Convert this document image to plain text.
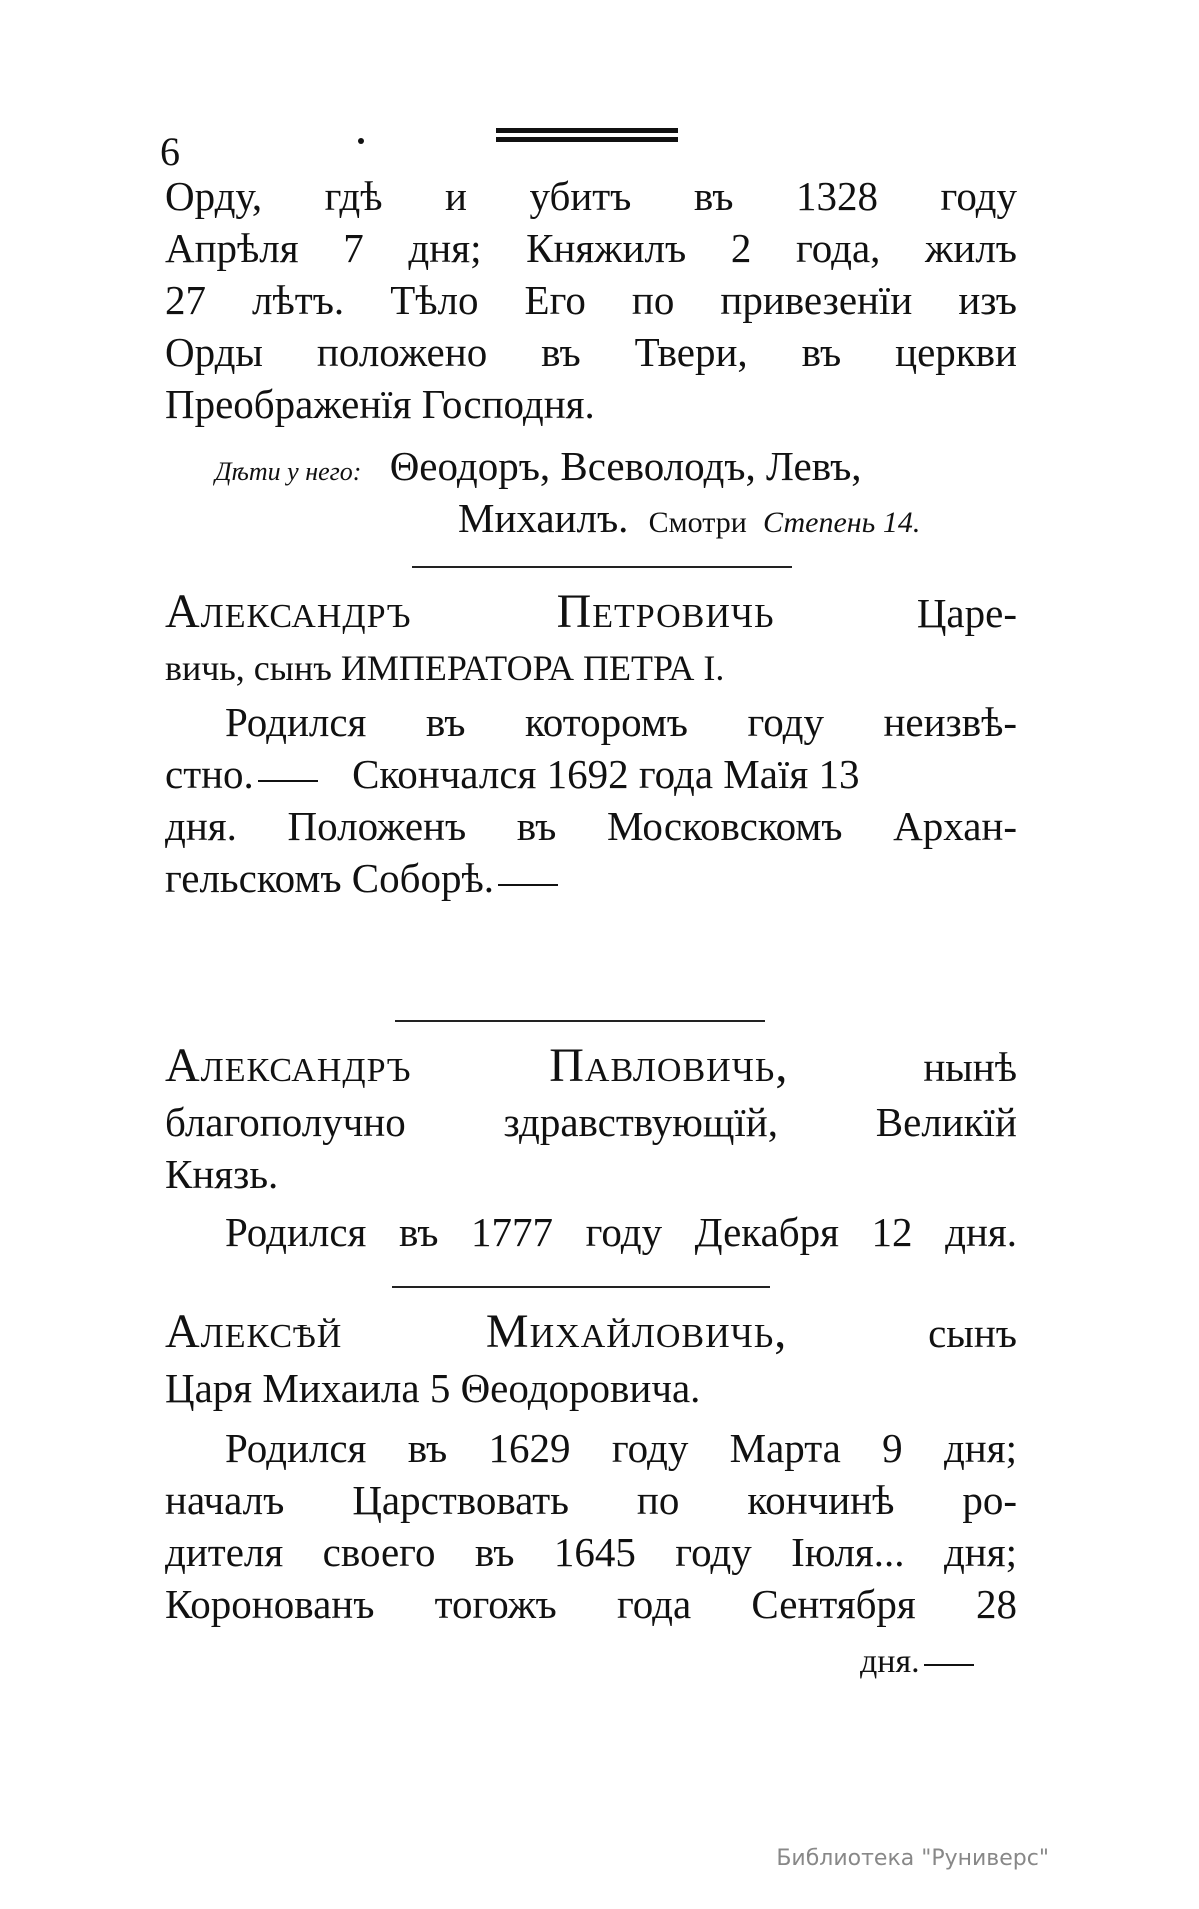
6
Орду, гдѣ и убитъ въ 1328 году
Апрѣля 7 дня; Княжилъ 2 года, жилъ
27 лѣтъ. Тѣло Его по привезенïи изъ
Орды положено въ Твери, въ церкви
Преображенïя Господня.
Дѣти у него: Θеодоръ, Всеволодъ, Левъ,
Михаилъ. Смотри Степень 14.
Александръ Петровичь	Царе-
вичь, сынъ ИМПЕРАТОРА ПЕТРА I.
Родился въ которомъ году неизвѣ-
стно. Скончался 1692 года Маïя 13
дня. Положенъ въ Московскомъ Архан-
гельскомъ Соборѣ.
Александръ Павловичь,	нынѣ
благополучно здравствующïй, Великïй
Князь.
Родился въ 1777 году Декабря 12 дня.
Алексѣй Михайловичь,	сынъ
Царя Михаила 5 Θеодоровича.
Родился въ 1629 году Марта 9 дня;
началъ Царствовать по кончинѣ ро-
дителя своего въ 1645 году Iюля... дня;
Коронованъ тогожъ года Сентября 28
дня.
Библиотека "Руниверс"
